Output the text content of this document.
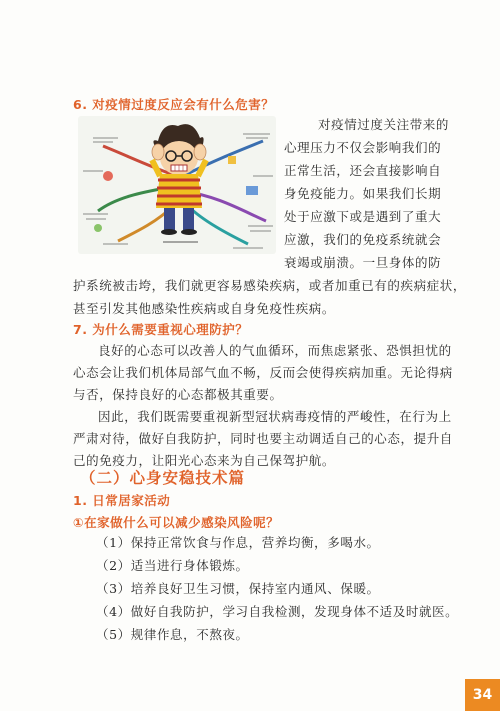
6. 对疫情过度反应会有什么危害？
对疫情过度关注带来的
心理压力不仅会影响我们的
正常生活，还会直接影响自
身免疫能力。如果我们长期
处于应激下或是遇到了重大
应激，我们的免疫系统就会
衰竭或崩溃。一旦身体的防
护系统被击垮，我们就更容易感染疾病，或者加重已有的疾病症状，
甚至引发其他感染性疾病或自身免疫性疾病。
7. 为什么需要重视心理防护？
良好的心态可以改善人的气血循环，而焦虑紧张、恐惧担忧的
心态会让我们机体局部气血不畅，反而会使得疾病加重。无论得病
与否，保持良好的心态都极其重要。
因此，我们既需要重视新型冠状病毒疫情的严峻性，在行为上
严肃对待，做好自我防护，同时也要主动调适自己的心态，提升自
己的免疫力，让阳光心态来为自己保驾护航。
（二）心身安稳技术篇
1. 日常居家活动
①在家做什么可以减少感染风险呢？
（1）保持正常饮食与作息，营养均衡，多喝水。
（2）适当进行身体锻炼。
（3）培养良好卫生习惯，保持室内通风、保暖。
（4）做好自我防护，学习自我检测，发现身体不适及时就医。
（5）规律作息，不熬夜。
34
